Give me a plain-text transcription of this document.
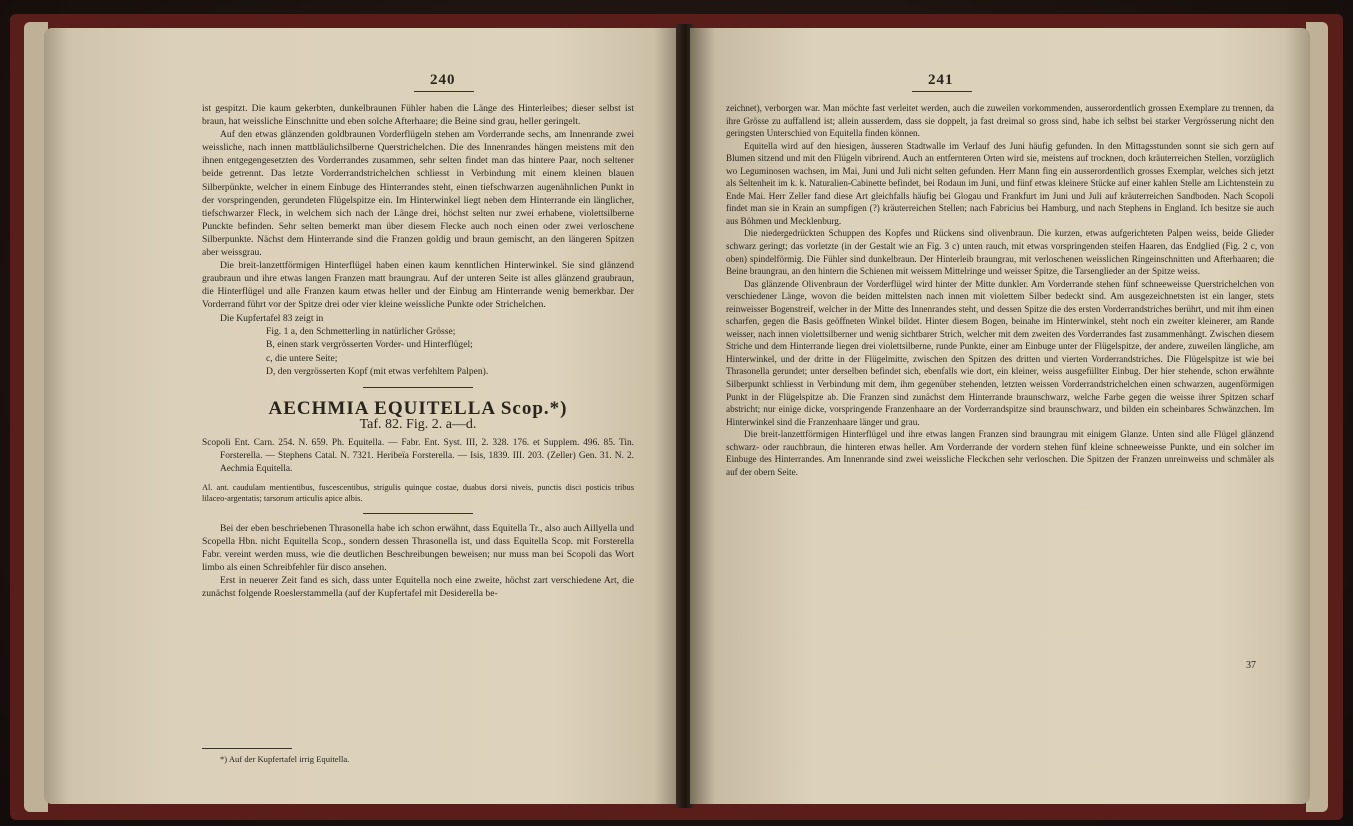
240

ist gespitzt. Die kaum gekerbten, dunkelbraunen Fühler haben die Länge des Hinterleibes; dieser selbst ist braun, hat weissliche Einschnitte und eben solche Afterhaare; die Beine sind grau, heller geringelt.

Auf den etwas glänzenden goldbraunen Vorderflügeln stehen am Vorderrande sechs, am Innenrande zwei weissliche, nach innen mattbläulichsilberne Querstrichelchen. Die des Innenrandes hängen meistens mit den ihnen entgegengesetzten des Vorderrandes zusammen, sehr selten findet man das hintere Paar, noch seltener beide getrennt. Das letzte Vorderrandstrichelchen schliesst in Verbindung mit einem kleinen blauen Silberpünkte, welcher in einem Einbuge des Hinterrandes steht, einen tiefschwarzen augenähnlichen Punkt in der vorspringenden, gerundeten Flügelspitze ein. Im Hinterwinkel liegt neben dem Hinterrande ein länglicher, tiefschwarzer Fleck, in welchem sich nach der Länge drei, höchst selten nur zwei erhabene, violettsilberne Punckte befinden. Sehr selten bemerkt man über diesem Flecke auch noch einen oder zwei verloschene Silberpunkte. Nächst dem Hinterrande sind die Franzen goldig und braun gemischt, an den längeren Spitzen aber weissgrau.

Die breit-lanzettförmigen Hinterflügel haben einen kaum kenntlichen Hinterwinkel. Sie sind glänzend graubraun und ihre etwas langen Franzen matt braungrau. Auf der unteren Seite ist alles glänzend graubraun, die Hinterflügel und alle Franzen kaum etwas heller und der Einbug am Hinterrande wenig bemerkbar. Der Vorderrand führt vor der Spitze drei oder vier kleine weissliche Punkte oder Strichelchen.

Die Kupfertafel 83 zeigt in

Fig. 1 a, den Schmetterling in natürlicher Grösse;
B, einen stark vergrösserten Vorder- und Hinterflügel;
c, die untere Seite;
D, den vergrösserten Kopf (mit etwas verfehltem Palpen).
AECHMIA EQUITELLA Scop.*)
Taf. 82. Fig. 2. a—d.
Scopoli Ent. Carn. 254. N. 659. Ph. Equitella. — Fabr. Ent. Syst. III, 2. 328. 176. et Supplem. 496. 85. Tin. Forsterella. — Stephens Catal. N. 7321. Heribeïa Forsterella. — Isis, 1839. III. 203. (Zeller) Gen. 31. N. 2. Aechmia Equitella.
Al. ant. caudulam mentientibus, fuscescentibus, strigulis quinque costae, duabus dorsi niveis, punctis disci posticis tribus lilaceo-argentatis; tarsorum articulis apice albis.

Bei der eben beschriebenen Thrasonella habe ich schon erwähnt, dass Equitella Tr., also auch Aillyella und Scopella Hbn. nicht Equitella Scop., sondern dessen Thrasonella ist, und dass Equitella Scop. mit Forsterella Fabr. vereint werden muss, wie die deutlichen Beschreibungen beweisen; nur muss man bei Scopoli das Wort limbo als einen Schreibfehler für disco ansehen.

Erst in neuerer Zeit fand es sich, dass unter Equitella noch eine zweite, höchst zart verschiedene Art, die zunächst folgende Roeslerstammella (auf der Kupfertafel mit Desiderella be-

*) Auf der Kupfertafel irrig Equitella.
241

zeichnet), verborgen war. Man möchte fast verleitet werden, auch die zuweilen vorkommenden, ausserordentlich grossen Exemplare zu trennen, da ihre Grösse zu auffallend ist; allein ausserdem, dass sie doppelt, ja fast dreimal so gross sind, habe ich selbst bei starker Vergrösserung nicht den geringsten Unterschied von Equitella finden können.

Equitella wird auf den hiesigen, äusseren Stadtwalle im Verlauf des Juni häufig gefunden. In den Mittagsstunden sonnt sie sich gern auf Blumen sitzend und mit den Flügeln vibrirend. Auch an entfernteren Orten wird sie, meistens auf trocknen, doch kräuterreichen Stellen, vorzüglich wo Leguminosen wachsen, im Mai, Juni und Juli nicht selten gefunden. Herr Mann fing ein ausserordentlich grosses Exemplar, welches sich jetzt als Seltenheit im k. k. Naturalien-Cabinette befindet, bei Rodaun im Juni, und fünf etwas kleinere Stücke auf einer kahlen Stelle am Lichtenstein zu Ende Mai. Herr Zeller fand diese Art gleichfalls häufig bei Glogau und Frankfurt im Juni und Juli auf kräuterreichen Sandboden. Nach Scopoli findet man sie in Krain an sumpfigen (?) kräuterreichen Stellen; nach Fabricius bei Hamburg, und nach Stephens in England. Ich besitze sie auch aus Böhmen und Mecklenburg.

Die niedergedrückten Schuppen des Kopfes und Rückens sind olivenbraun. Die kurzen, etwas aufgerichteten Palpen weiss, beide Glieder schwarz geringt; das vorletzte (in der Gestalt wie an Fig. 3 c) unten rauch, mit etwas vorspringenden steifen Haaren, das Endglied (Fig. 2 c, von oben) spindelförmig. Die Fühler sind dunkelbraun. Der Hinterleib braungrau, mit verloschenen weisslichen Ringeinschnitten und Afterhaaren; die Beine braungrau, an den hintern die Schienen mit weissem Mittelringe und weisser Spitze, die Tarsenglieder an der Spitze weiss.

Das glänzende Olivenbraun der Vorderflügel wird hinter der Mitte dunkler. Am Vorderrande stehen fünf schneeweisse Querstrichelchen von verschiedener Länge, wovon die beiden mittelsten nach innen mit violettem Silber bedeckt sind. Am ausgezeichnetsten ist ein langer, stets reinweisser Bogenstreif, welcher in der Mitte des Innenrandes steht, und dessen Spitze die des ersten Vorderrandstriches berührt, und mit ihm einen scharfen, gegen die Basis geöffneten Winkel bildet. Hinter diesem Bogen, beinahe im Hinterwinkel, steht noch ein zweiter kleinerer, am Rande weisser, nach innen violettsilberner und wenig sichtbarer Strich, welcher mit dem zweiten des Vorderrandes fast zusammenhängt. Zwischen diesem Striche und dem Hinterrande liegen drei violettsilberne, runde Punkte, einer am Einbuge unter der Flügelspitze, der andere, zuweilen längliche, am Hinterwinkel, und der dritte in der Flügelmitte, zwischen den Spitzen des dritten und vierten Vorderrandstriches. Die Flügelspitze ist wie bei Thrasonella gerundet; unter derselben befindet sich, ebenfalls wie dort, ein kleiner, weiss ausgefüllter Einbug. Der hier stehende, schon erwähnte Silberpunkt schliesst in Verbindung mit dem, ihm gegenüber stehenden, letzten weissen Vorderrandstrichelchen einen schwarzen, augenförmigen Punkt in der Flügelspitze ab. Die Franzen sind zunächst dem Hinterrande braunschwarz, welche Farbe gegen die weisse ihrer Spitzen scharf abstricht; nur einige dicke, vorspringende Franzenhaare an der Vorderrandspitze sind braunschwarz, und bilden ein scheinbares Schwänzchen. Im Hinterwinkel sind die Franzenhaare länger und grau.

Die breit-lanzettförmigen Hinterflügel und ihre etwas langen Franzen sind braungrau mit einigem Glanze. Unten sind alle Flügel glänzend schwarz- oder rauchbraun, die hinteren etwas heller. Am Vorderrande der vordern stehen fünf kleine schneeweisse Punkte, und ein solcher im Einbuge des Hinterrandes. Am Innenrande sind zwei weissliche Fleckchen sehr verloschen. Die Spitzen der Franzen unreinweiss und schmäler als auf der obern Seite.

37
